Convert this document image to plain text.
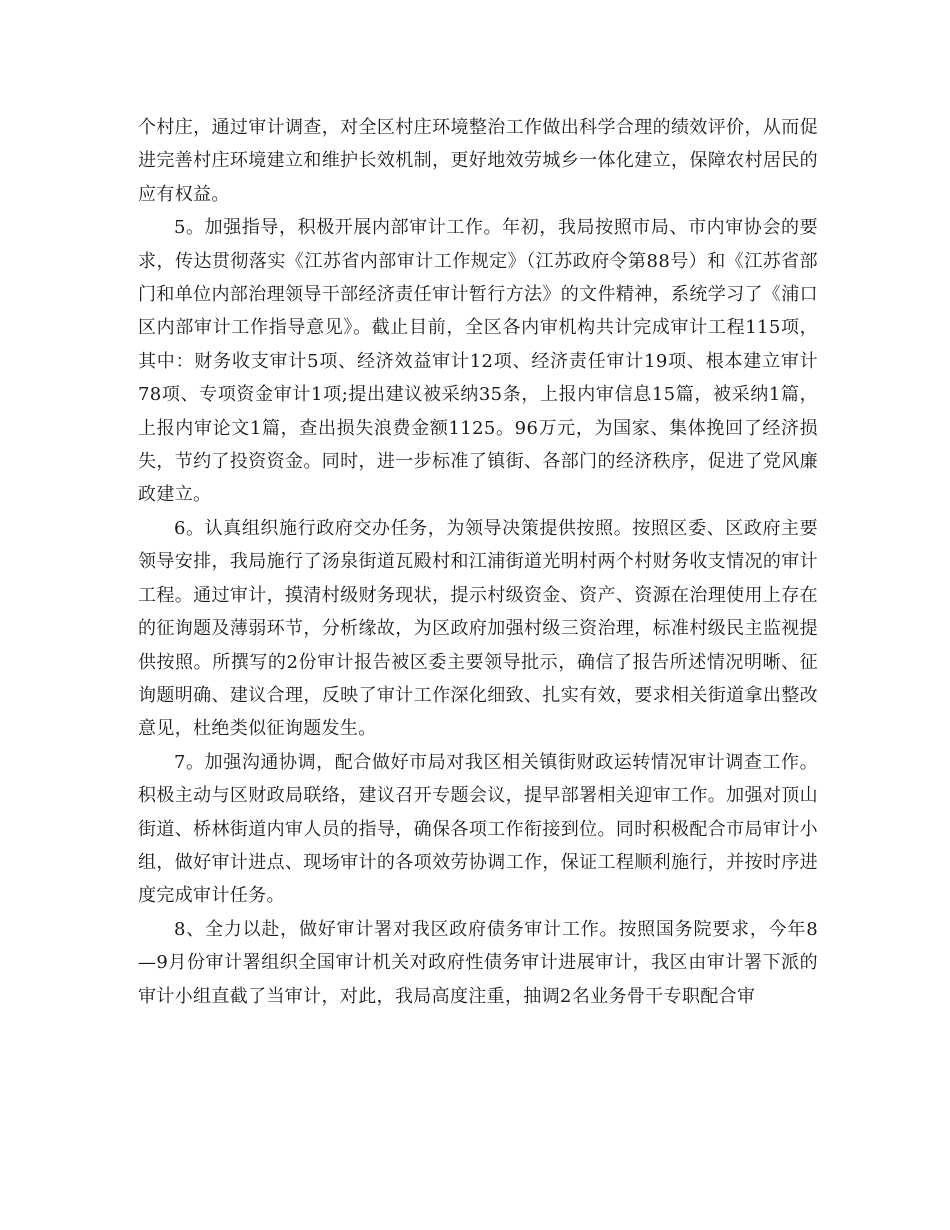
个村庄，通过审计调查，对全区村庄环境整治工作做出科学合理的绩效评价，从而促进完善村庄环境建立和维护长效机制，更好地效劳城乡一体化建立，保障农村居民的应有权益。

5。加强指导，积极开展内部审计工作。年初，我局按照市局、市内审协会的要求，传达贯彻落实《江苏省内部审计工作规定》（江苏政府令第88号）和《江苏省部门和单位内部治理领导干部经济责任审计暂行方法》的文件精神，系统学习了《浦口区内部审计工作指导意见》。截止目前，全区各内审机构共计完成审计工程115项，其中：财务收支审计5项、经济效益审计12项、经济责任审计19项、根本建立审计78项、专项资金审计1项;提出建议被采纳35条，上报内审信息15篇，被采纳1篇，上报内审论文1篇，查出损失浪费金额1125。96万元，为国家、集体挽回了经济损失，节约了投资资金。同时，进一步标准了镇街、各部门的经济秩序，促进了党风廉政建立。

6。认真组织施行政府交办任务，为领导决策提供按照。按照区委、区政府主要领导安排，我局施行了汤泉街道瓦殿村和江浦街道光明村两个村财务收支情况的审计工程。通过审计，摸清村级财务现状，提示村级资金、资产、资源在治理使用上存在的征询题及薄弱环节，分析缘故，为区政府加强村级三资治理，标准村级民主监视提供按照。所撰写的2份审计报告被区委主要领导批示，确信了报告所述情况明晰、征询题明确、建议合理，反映了审计工作深化细致、扎实有效，要求相关街道拿出整改意见，杜绝类似征询题发生。

7。加强沟通协调，配合做好市局对我区相关镇街财政运转情况审计调查工作。积极主动与区财政局联络，建议召开专题会议，提早部署相关迎审工作。加强对顶山街道、桥林街道内审人员的指导，确保各项工作衔接到位。同时积极配合市局审计小组，做好审计进点、现场审计的各项效劳协调工作，保证工程顺利施行，并按时序进度完成审计任务。

8、全力以赴，做好审计署对我区政府债务审计工作。按照国务院要求，今年8—9月份审计署组织全国审计机关对政府性债务审计进展审计，我区由审计署下派的审计小组直截了当审计，对此，我局高度注重，抽调2名业务骨干专职配合审
